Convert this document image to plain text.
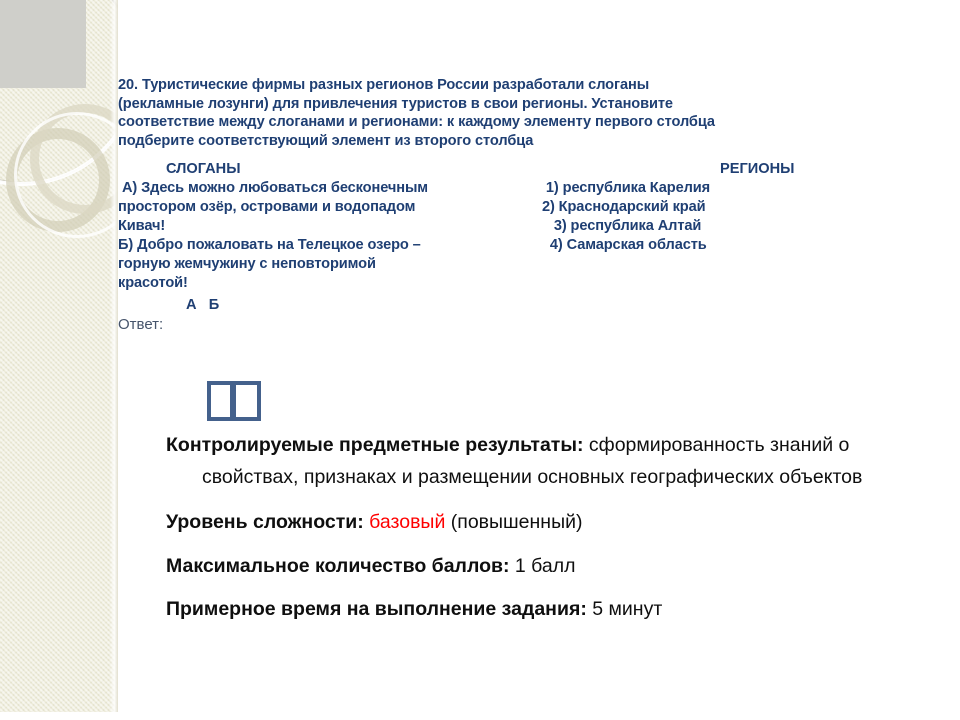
20. Туристические фирмы разных регионов России разработали слоганы
(рекламные лозунги) для привлечения туристов в свои регионы. Установите
соответствие между слоганами и регионами: к каждому элементу первого столбца
подберите соответствующий элемент из второго столбца
СЛОГАНЫ
А) Здесь можно любоваться бесконечным
простором озёр, островами и водопадом
Кивач!
Б) Добро пожаловать на Телецкое озеро –
горную жемчужину с неповторимой
красотой!
РЕГИОНЫ
1) республика Карелия
2) Краснодарский край
3) республика Алтай
4) Самарская область
А   Б
Ответ:
Контролируемые предметные результаты: сформированность знаний о свойствах, признаках и размещении основных географических объектов
Уровень сложности: базовый (повышенный)
Максимальное количество баллов: 1 балл
Примерное время на выполнение задания: 5 минут
